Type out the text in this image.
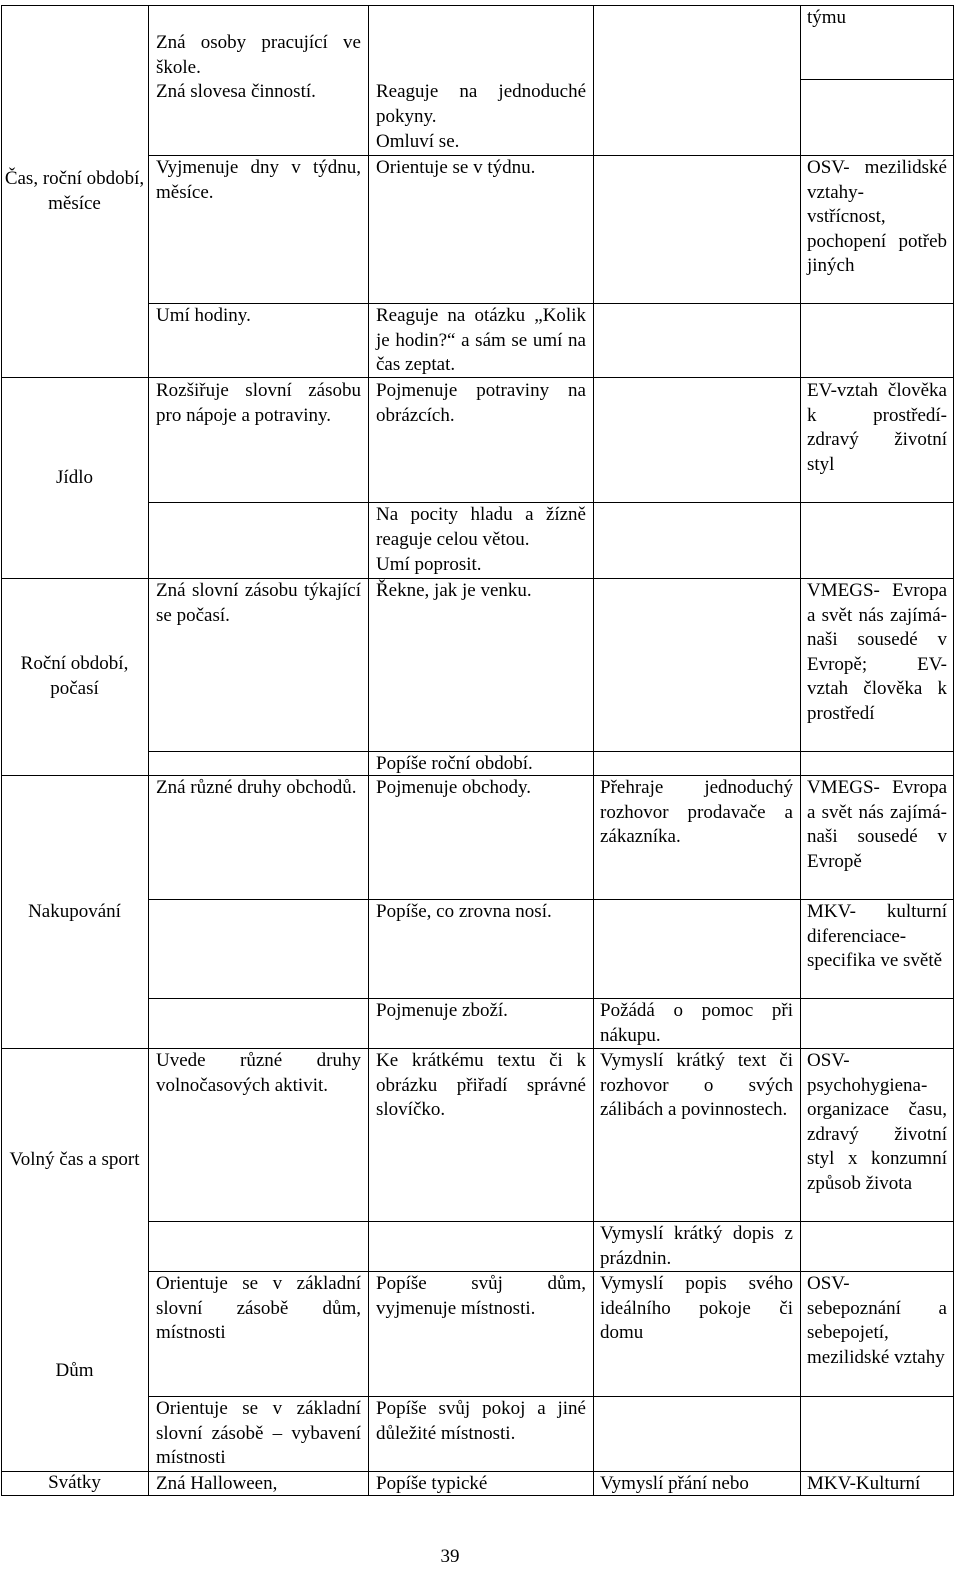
Čas, roční období, měsíce
Jídlo
Roční období, počasí
Nakupování
Volný čas a sport
Dům
Svátky
Zná osoby pracující ve škole.
Zná slovesa činností.
Vyjmenuje dny v týdnu, měsíce.
Umí hodiny.
Rozšiřuje slovní zásobu pro nápoje a potraviny.
Zná slovní zásobu týkající se počasí.
Zná různé druhy obchodů.
Uvede různé druhy volnočasových aktivit.
Orientuje se v základní slovní zásobě dům, místnosti
Orientuje se v základní slovní zásobě – vybavení místnosti
Zná Halloween,
Reaguje na jednoduché pokyny.
Omluví se.
Orientuje se v týdnu.
Reaguje na otázku „Kolik je hodin?“ a sám se umí na čas zeptat.
Pojmenuje potraviny na obrázcích.
Na pocity hladu a žízně reaguje celou větou.
Umí poprosit.
Řekne, jak je venku.
Popíše roční období.
Pojmenuje obchody.
Popíše, co zrovna nosí.
Pojmenuje zboží.
Ke krátkému textu či k obrázku přiřadí správné slovíčko.
Popíše svůj dům, vyjmenuje místnosti.
Popíše svůj pokoj a jiné důležité místnosti.
Popíše typické
Přehraje jednoduchý rozhovor prodavače a zákazníka.
Požádá o pomoc při nákupu.
Vymyslí krátký text či rozhovor o svých zálibách a povinnostech.
Vymyslí krátký dopis z prázdnin.
Vymyslí popis svého ideálního pokoje či domu
Vymyslí přání nebo
týmu
OSV- mezilidské vztahy- vstřícnost, pochopení potřeb jiných
EV-vztah člověka k prostředí- zdravý životní styl
VMEGS- Evropa a svět nás zajímá- naši sousedé v Evropě; EV- vztah člověka k prostředí
VMEGS- Evropa a svět nás zajímá- naši sousedé v Evropě
MKV- kulturní diferenciace- specifika ve světě
OSV- psychohygiena- organizace času, zdravý životní styl x konzumní způsob života
OSV- sebepoznání a sebepojetí, mezilidské vztahy
MKV-Kulturní
39
